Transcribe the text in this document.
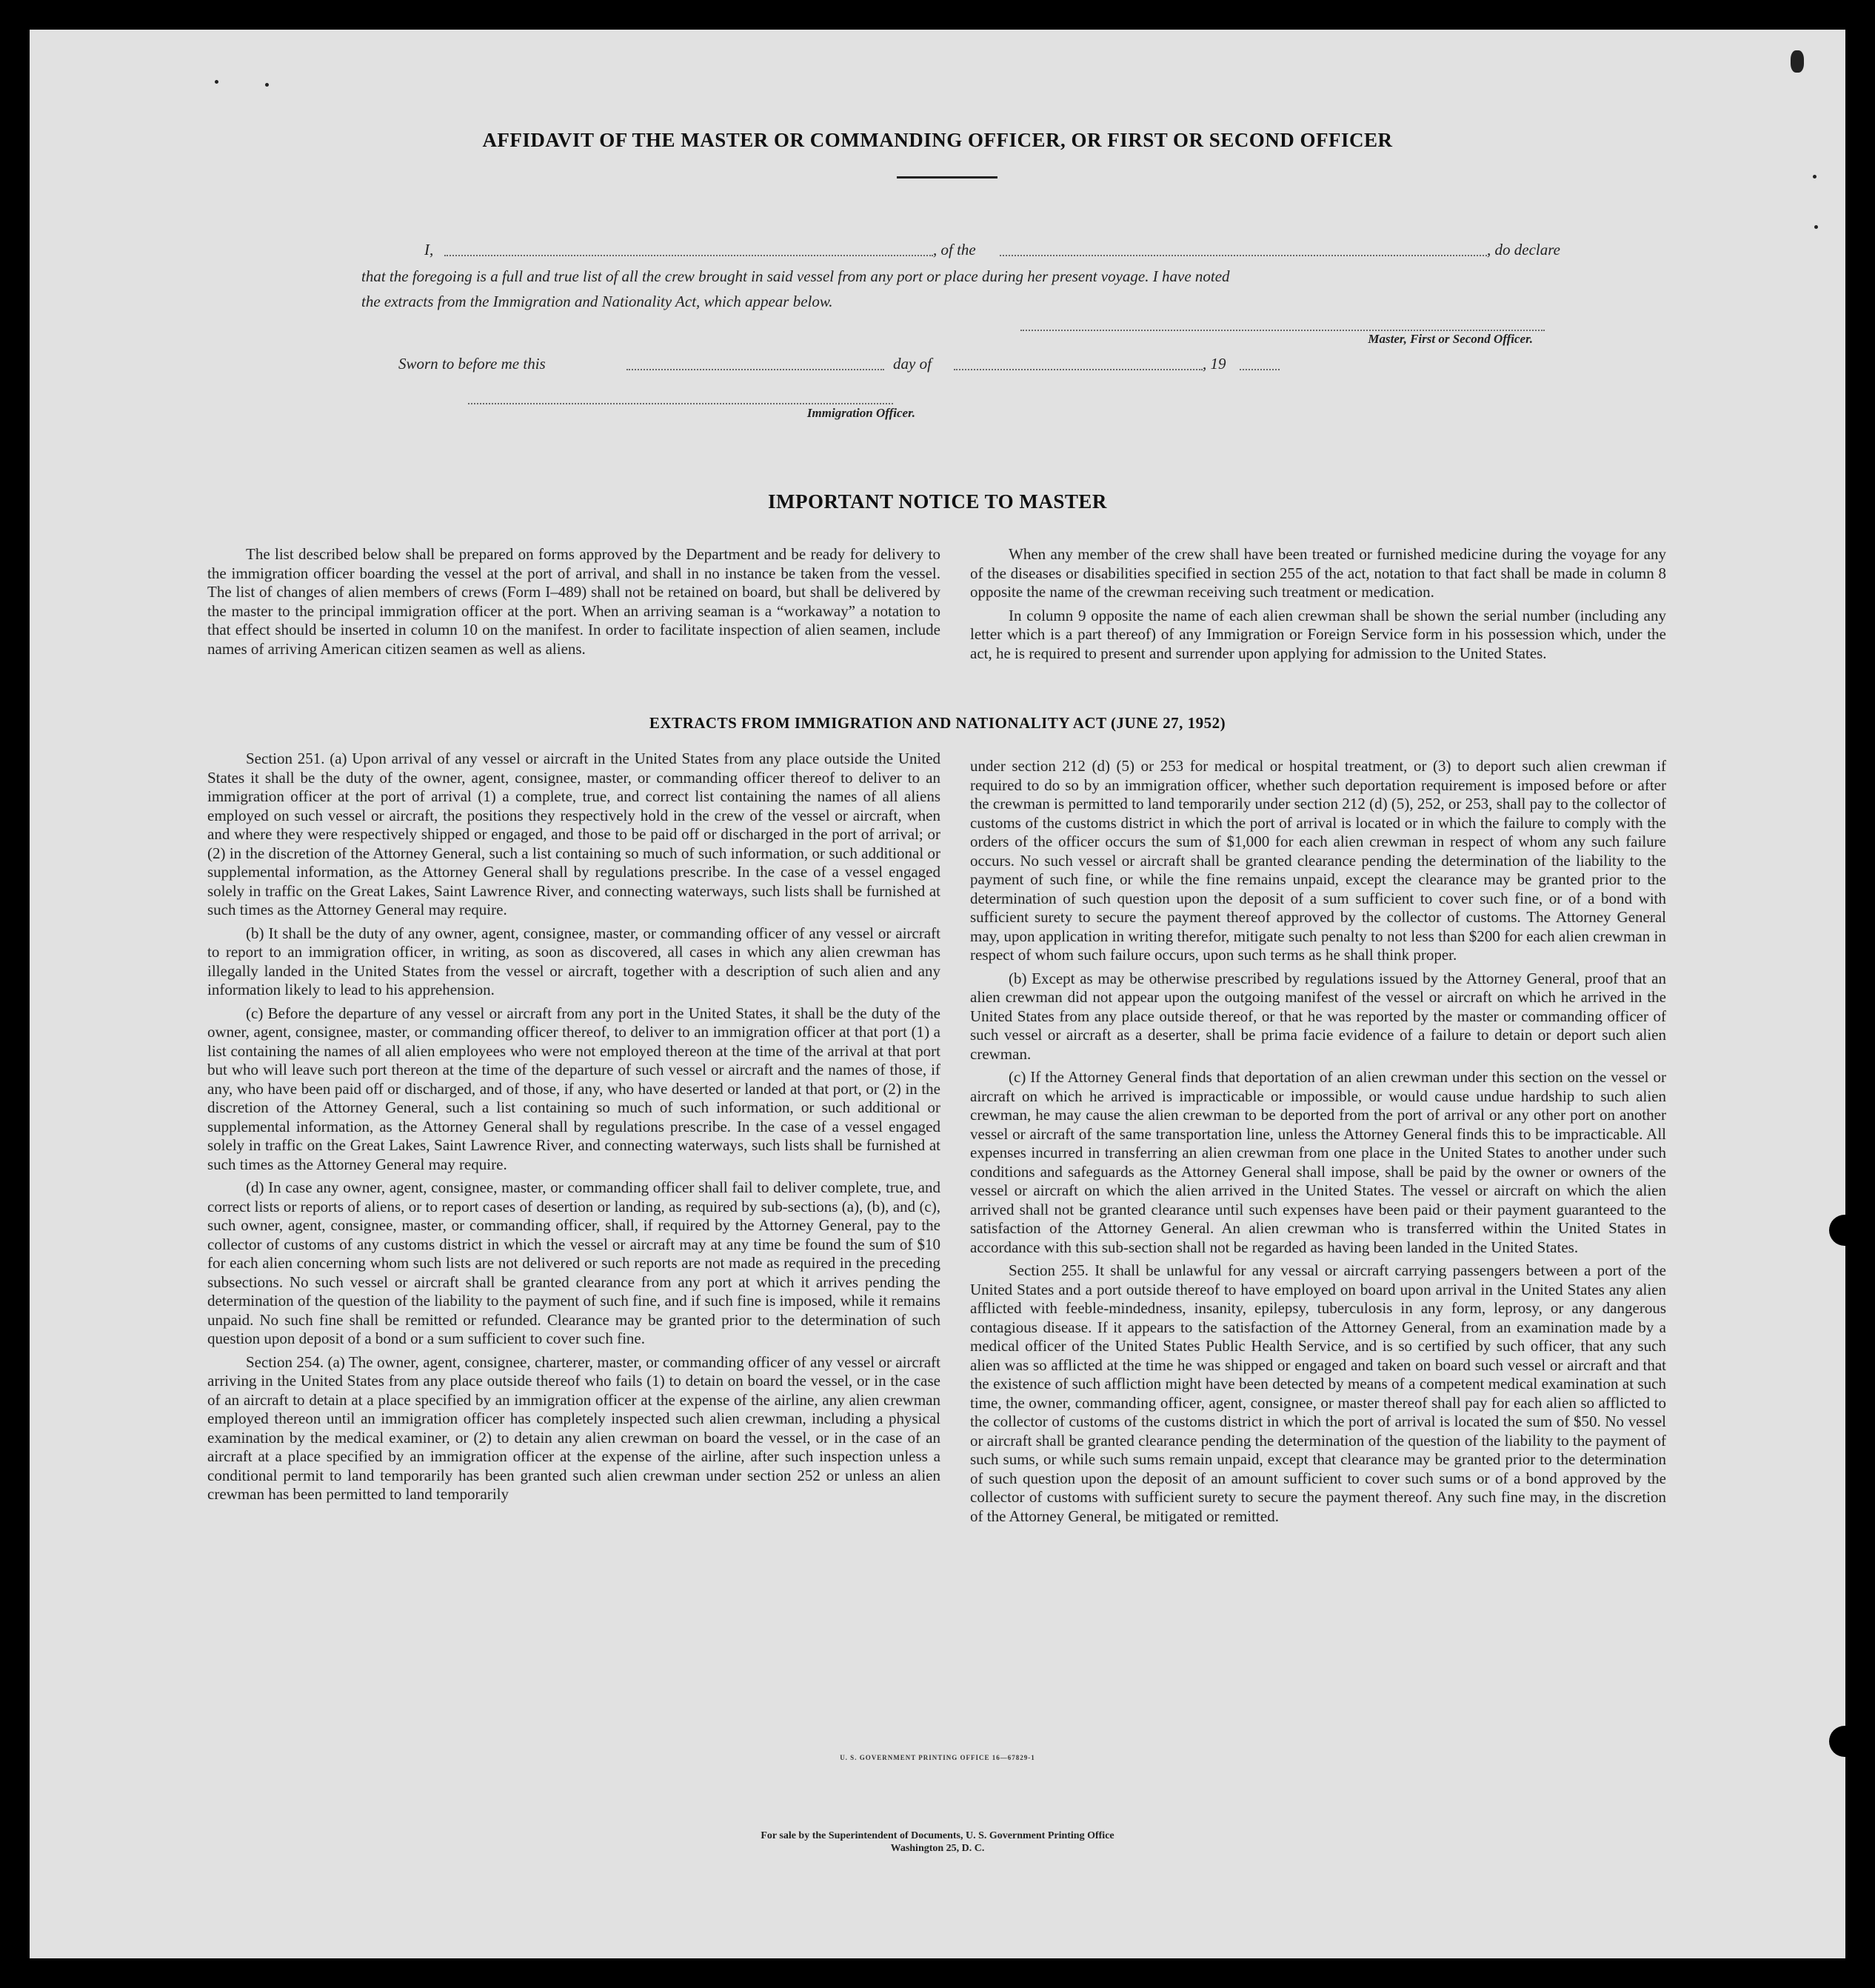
AFFIDAVIT OF THE MASTER OR COMMANDING OFFICER, OR FIRST OR SECOND OFFICER
I,	, of the	, do declare
that the foregoing is a full and true list of all the crew brought in said vessel from any port or place during her present voyage. I have noted
the extracts from the Immigration and Nationality Act, which appear below.
Master, First or Second Officer.
Sworn to before me this	day of	, 19
Immigration Officer.
IMPORTANT NOTICE TO MASTER

The list described below shall be prepared on forms approved by the Department and be ready for delivery to the immigration officer boarding the vessel at the port of arrival, and shall in no instance be taken from the vessel. The list of changes of alien members of crews (Form I–489) shall not be retained on board, but shall be delivered by the master to the principal immigration officer at the port. When an arriving seaman is a “workaway” a notation to that effect should be inserted in column 10 on the manifest. In order to facilitate inspection of alien seamen, include names of arriving American citizen seamen as well as aliens.

When any member of the crew shall have been treated or furnished medicine during the voyage for any of the diseases or disabilities specified in section 255 of the act, notation to that fact shall be made in column 8 opposite the name of the crewman receiving such treatment or medication.

In column 9 opposite the name of each alien crewman shall be shown the serial number (including any letter which is a part thereof) of any Immigration or Foreign Service form in his possession which, under the act, he is required to present and surrender upon applying for admission to the United States.

EXTRACTS FROM IMMIGRATION AND NATIONALITY ACT (JUNE 27, 1952)

Section 251. (a) Upon arrival of any vessel or aircraft in the United States from any place outside the United States it shall be the duty of the owner, agent, consignee, master, or commanding officer thereof to deliver to an immigration officer at the port of arrival (1) a complete, true, and correct list containing the names of all aliens employed on such vessel or aircraft, the positions they respectively hold in the crew of the vessel or aircraft, when and where they were respectively shipped or engaged, and those to be paid off or discharged in the port of arrival; or (2) in the discretion of the Attorney General, such a list containing so much of such information, or such additional or supplemental information, as the Attorney General shall by regulations prescribe. In the case of a vessel engaged solely in traffic on the Great Lakes, Saint Lawrence River, and connecting waterways, such lists shall be furnished at such times as the Attorney General may require.

(b) It shall be the duty of any owner, agent, consignee, master, or commanding officer of any vessel or aircraft to report to an immigration officer, in writing, as soon as discovered, all cases in which any alien crewman has illegally landed in the United States from the vessel or aircraft, together with a description of such alien and any information likely to lead to his apprehension.

(c) Before the departure of any vessel or aircraft from any port in the United States, it shall be the duty of the owner, agent, consignee, master, or commanding officer thereof, to deliver to an immigration officer at that port (1) a list containing the names of all alien employees who were not employed thereon at the time of the arrival at that port but who will leave such port thereon at the time of the departure of such vessel or aircraft and the names of those, if any, who have been paid off or discharged, and of those, if any, who have deserted or landed at that port, or (2) in the discretion of the Attorney General, such a list containing so much of such information, or such additional or supplemental information, as the Attorney General shall by regulations prescribe. In the case of a vessel engaged solely in traffic on the Great Lakes, Saint Lawrence River, and connecting waterways, such lists shall be furnished at such times as the Attorney General may require.

(d) In case any owner, agent, consignee, master, or commanding officer shall fail to deliver complete, true, and correct lists or reports of aliens, or to report cases of desertion or landing, as required by sub-sections (a), (b), and (c), such owner, agent, consignee, master, or commanding officer, shall, if required by the Attorney General, pay to the collector of customs of any customs district in which the vessel or aircraft may at any time be found the sum of $10 for each alien concerning whom such lists are not delivered or such reports are not made as required in the preceding subsections. No such vessel or aircraft shall be granted clearance from any port at which it arrives pending the determination of the question of the liability to the payment of such fine, and if such fine is imposed, while it remains unpaid. No such fine shall be remitted or refunded. Clearance may be granted prior to the determination of such question upon deposit of a bond or a sum sufficient to cover such fine.

Section 254. (a) The owner, agent, consignee, charterer, master, or commanding officer of any vessel or aircraft arriving in the United States from any place outside thereof who fails (1) to detain on board the vessel, or in the case of an aircraft to detain at a place specified by an immigration officer at the expense of the airline, any alien crewman employed thereon until an immigration officer has completely inspected such alien crewman, including a physical examination by the medical examiner, or (2) to detain any alien crewman on board the vessel, or in the case of an aircraft at a place specified by an immigration officer at the expense of the airline, after such inspection unless a conditional permit to land temporarily has been granted such alien crewman under section 252 or unless an alien crewman has been permitted to land temporarily

under section 212 (d) (5) or 253 for medical or hospital treatment, or (3) to deport such alien crewman if required to do so by an immigration officer, whether such deportation requirement is imposed before or after the crewman is permitted to land temporarily under section 212 (d) (5), 252, or 253, shall pay to the collector of customs of the customs district in which the port of arrival is located or in which the failure to comply with the orders of the officer occurs the sum of $1,000 for each alien crewman in respect of whom any such failure occurs. No such vessel or aircraft shall be granted clearance pending the determination of the liability to the payment of such fine, or while the fine remains unpaid, except the clearance may be granted prior to the determination of such question upon the deposit of a sum sufficient to cover such fine, or of a bond with sufficient surety to secure the payment thereof approved by the collector of customs. The Attorney General may, upon application in writing therefor, mitigate such penalty to not less than $200 for each alien crewman in respect of whom such failure occurs, upon such terms as he shall think proper.

(b) Except as may be otherwise prescribed by regulations issued by the Attorney General, proof that an alien crewman did not appear upon the outgoing manifest of the vessel or aircraft on which he arrived in the United States from any place outside thereof, or that he was reported by the master or commanding officer of such vessel or aircraft as a deserter, shall be prima facie evidence of a failure to detain or deport such alien crewman.

(c) If the Attorney General finds that deportation of an alien crewman under this section on the vessel or aircraft on which he arrived is impracticable or impossible, or would cause undue hardship to such alien crewman, he may cause the alien crewman to be deported from the port of arrival or any other port on another vessel or aircraft of the same transportation line, unless the Attorney General finds this to be impracticable. All expenses incurred in transferring an alien crewman from one place in the United States to another under such conditions and safeguards as the Attorney General shall impose, shall be paid by the owner or owners of the vessel or aircraft on which the alien arrived in the United States. The vessel or aircraft on which the alien arrived shall not be granted clearance until such expenses have been paid or their payment guaranteed to the satisfaction of the Attorney General. An alien crewman who is transferred within the United States in accordance with this sub-section shall not be regarded as having been landed in the United States.

Section 255. It shall be unlawful for any vessal or aircraft carrying passengers between a port of the United States and a port outside thereof to have employed on board upon arrival in the United States any alien afflicted with feeble-mindedness, insanity, epilepsy, tuberculosis in any form, leprosy, or any dangerous contagious disease. If it appears to the satisfaction of the Attorney General, from an examination made by a medical officer of the United States Public Health Service, and is so certified by such officer, that any such alien was so afflicted at the time he was shipped or engaged and taken on board such vessel or aircraft and that the existence of such affliction might have been detected by means of a competent medical examination at such time, the owner, commanding officer, agent, consignee, or master thereof shall pay for each alien so afflicted to the collector of customs of the customs district in which the port of arrival is located the sum of $50. No vessel or aircraft shall be granted clearance pending the determination of the question of the liability to the payment of such sums, or while such sums remain unpaid, except that clearance may be granted prior to the determination of such question upon the deposit of an amount sufficient to cover such sums or of a bond approved by the collector of customs with sufficient surety to secure the payment thereof. Any such fine may, in the discretion of the Attorney General, be mitigated or remitted.

U. S. GOVERNMENT PRINTING OFFICE 16—67829-1
For sale by the Superintendent of Documents, U. S. Government Printing Office
Washington 25, D. C.
